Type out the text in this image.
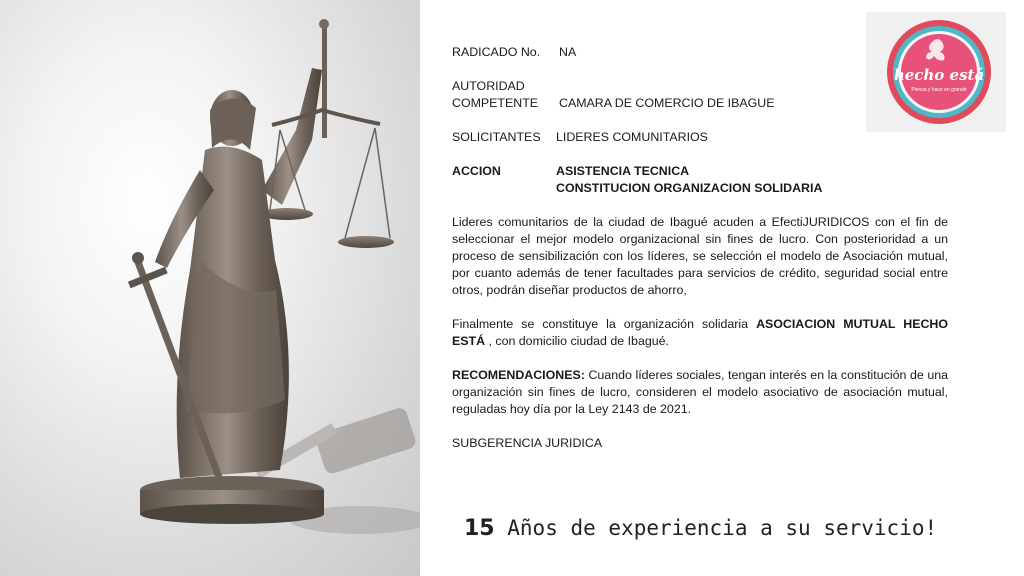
hecho está
Piensa y hace en grande
RADICADO No.	NA
AUTORIDAD
COMPETENTE	CAMARA DE COMERCIO DE IBAGUE
SOLICITANTES	LIDERES COMUNITARIOS
ACCION	ASISTENCIA TECNICA
CONSTITUCION ORGANIZACION SOLIDARIA
Lideres comunitarios de la ciudad de Ibagué acuden a EfectiJURIDICOS con el fin de seleccionar el mejor modelo organizacional sin fines de lucro. Con posterioridad a un proceso de sensibilización con los líderes, se selección el modelo de Asociación mutual, por cuanto además de tener facultades para servicios de crédito, seguridad social entre otros, podrán diseñar productos de ahorro,
Finalmente se constituye la organización solidaria ASOCIACION MUTUAL HECHO ESTÁ , con domicilio ciudad de Ibagué.
RECOMENDACIONES: Cuando líderes sociales, tengan interés en la constitución de una organización sin fines de lucro, consideren el modelo asociativo de asociación mutual, reguladas hoy día por la Ley 2143 de 2021.
SUBGERENCIA JURIDICA
15 Años de experiencia a su servicio!
